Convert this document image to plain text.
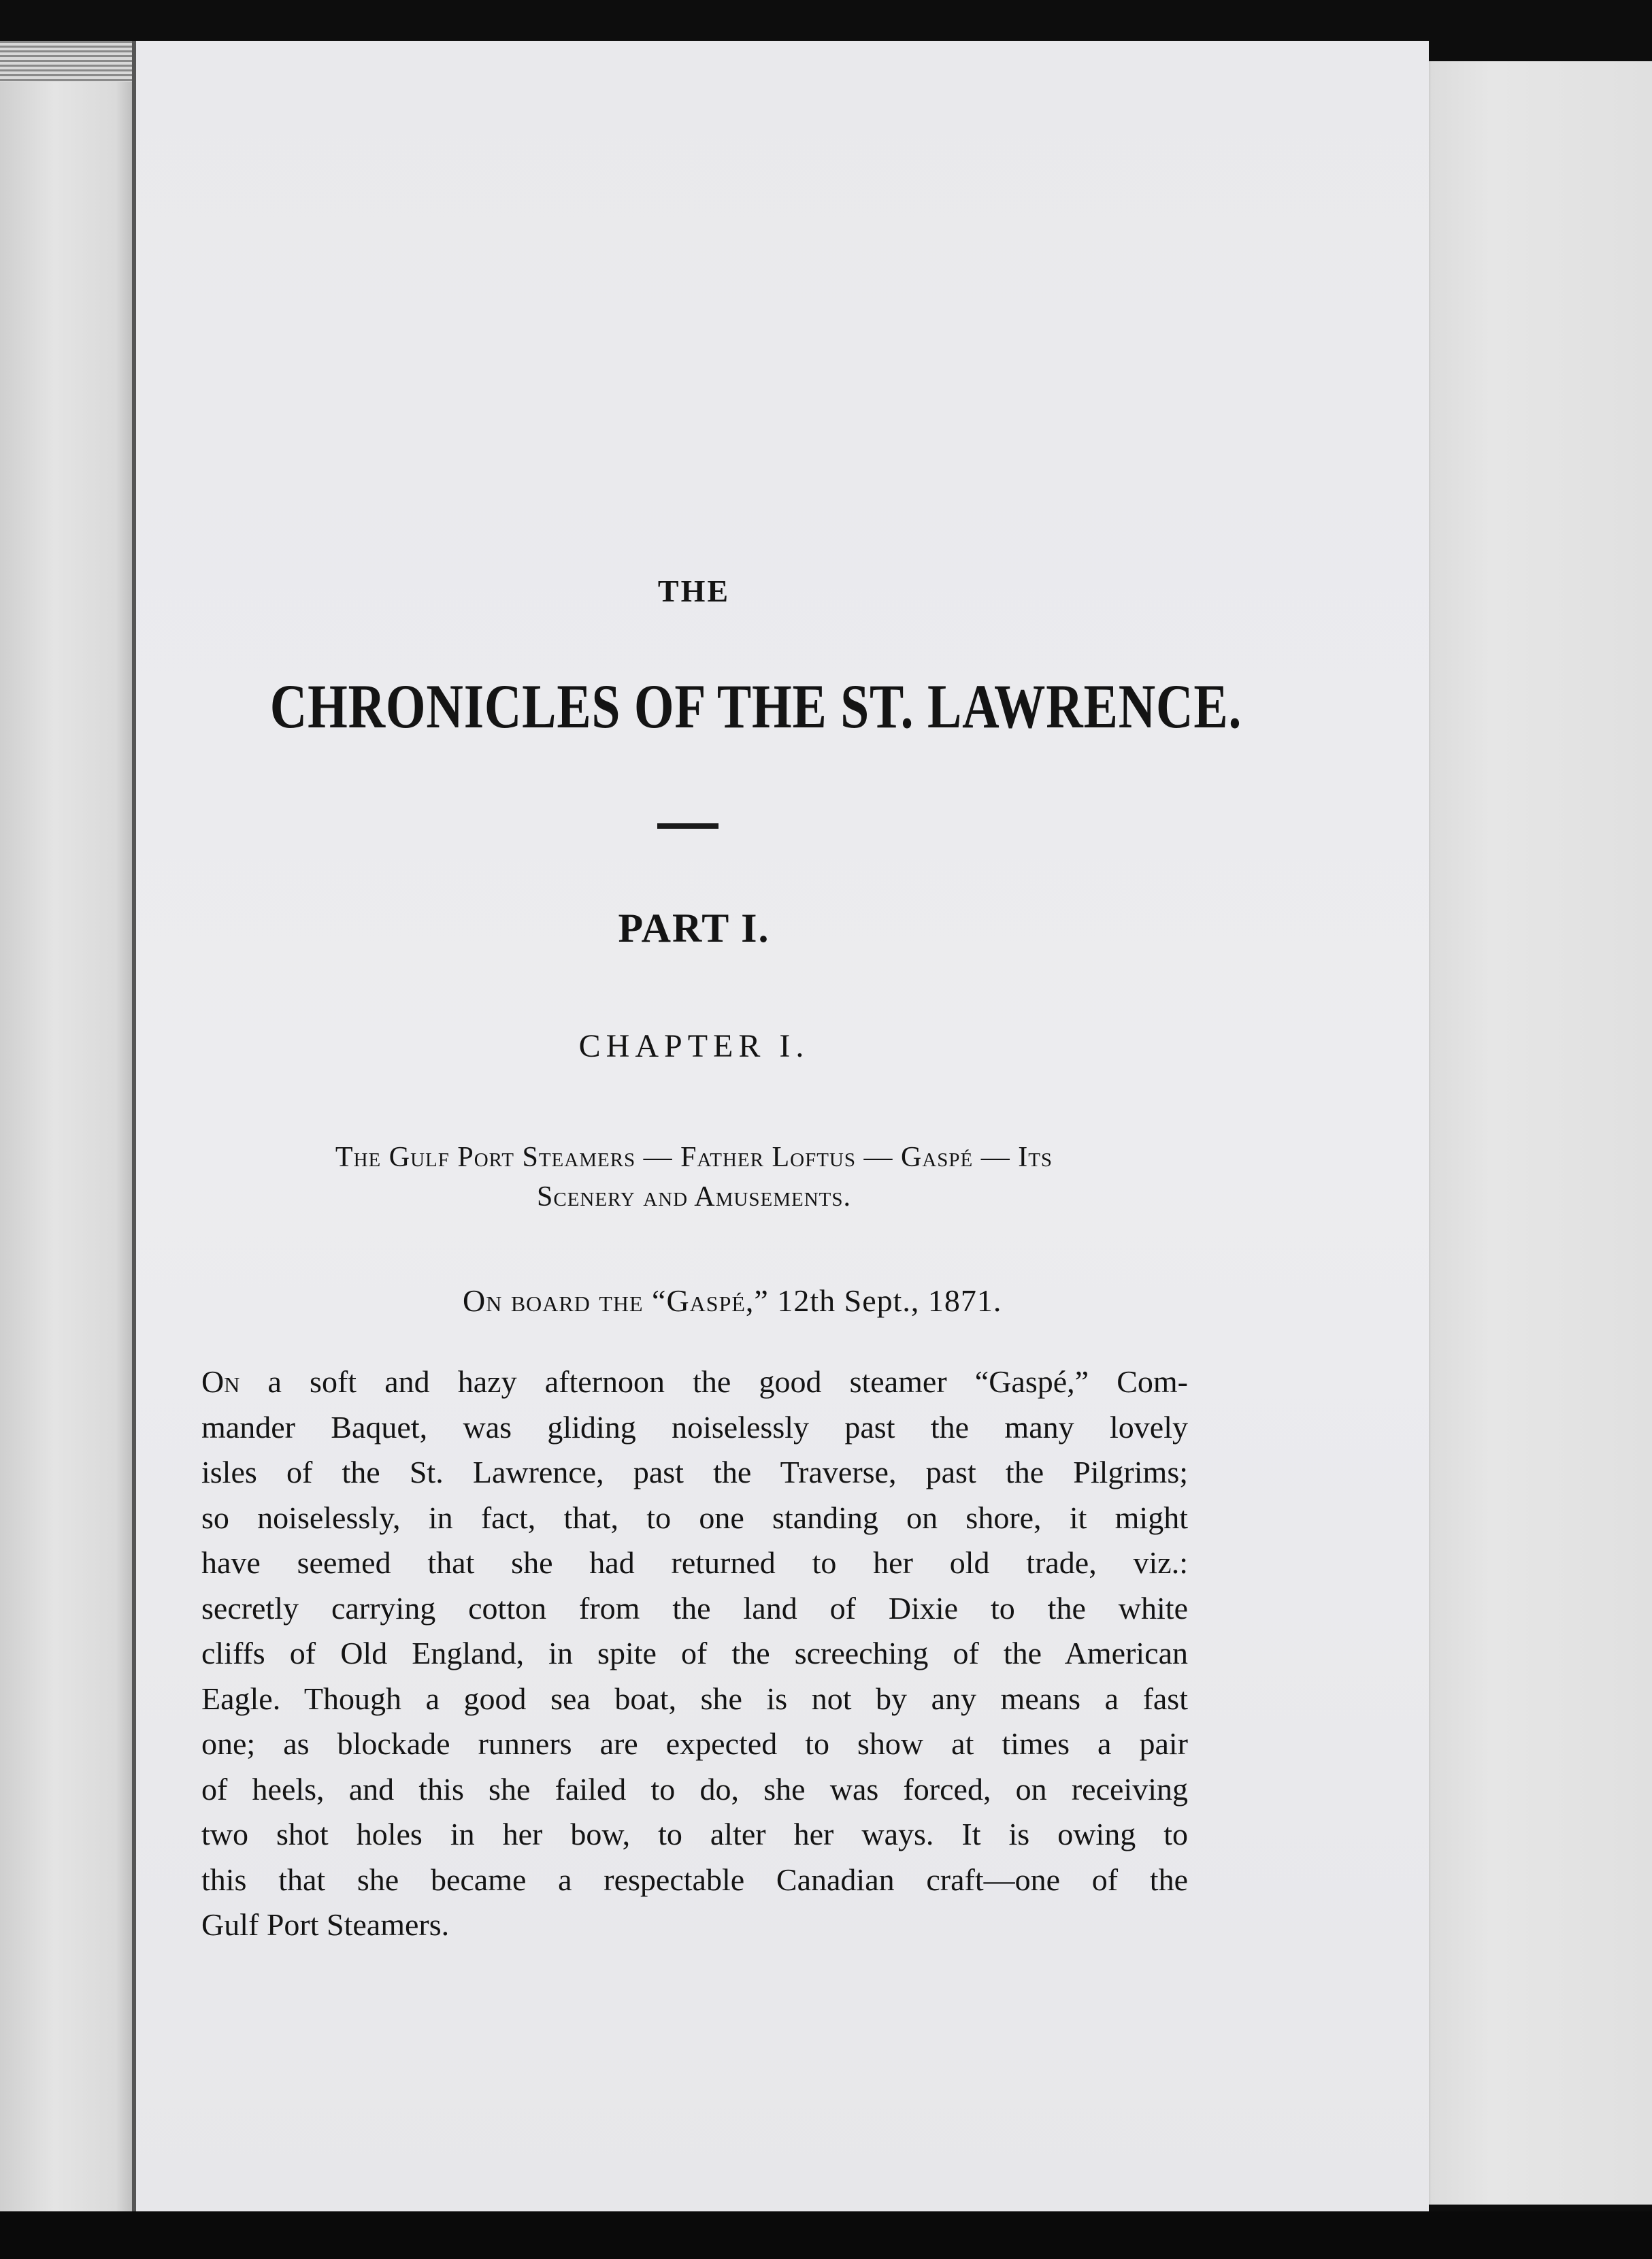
THE
CHRONICLES OF THE ST. LAWRENCE.
PART I.
CHAPTER I.
The Gulf Port Steamers — Father Loftus — Gaspé — Its
Scenery and Amusements.
On board the “Gaspé,” 12th Sept., 1871.
On a soft and hazy afternoon the good steamer “Gaspé,” Com-
mander Baquet, was gliding noiselessly past the many lovely
isles of the St. Lawrence, past the Traverse, past the Pilgrims;
so noiselessly, in fact, that, to one standing on shore, it might
have seemed that she had returned to her old trade, viz.:
secretly carrying cotton from the land of Dixie to the white
cliffs of Old England, in spite of the screeching of the American
Eagle. Though a good sea boat, she is not by any means a fast
one; as blockade runners are expected to show at times a pair
of heels, and this she failed to do, she was forced, on receiving
two shot holes in her bow, to alter her ways. It is owing to
this that she became a respectable Canadian craft—one of the
Gulf Port Steamers.
